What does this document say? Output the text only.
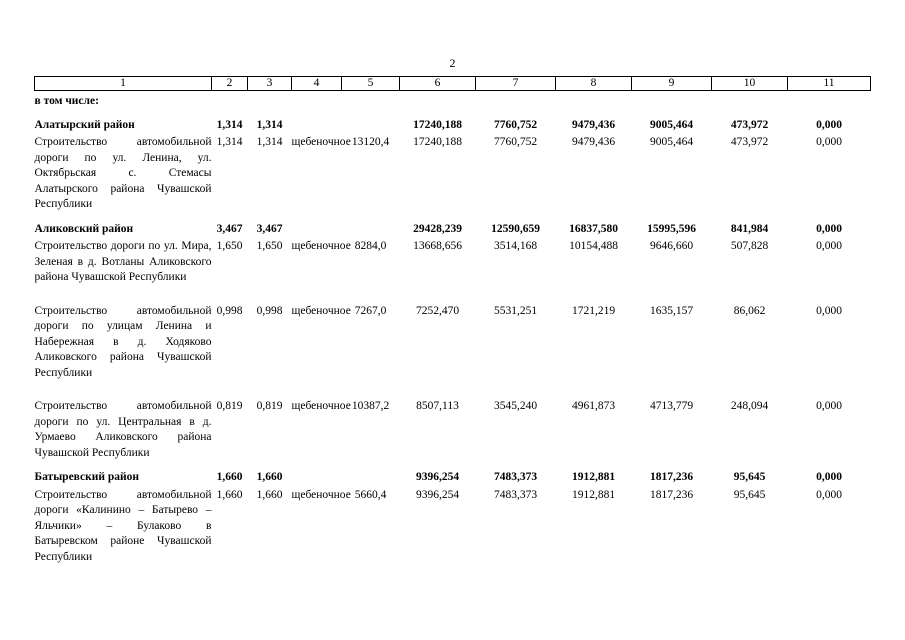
2
1	2	3	4	5	6	7	8	9	10	11
в том числе:										
Алатырский район	1,314	1,314			17240,188	7760,752	9479,436	9005,464	473,972	0,000
Строительство автомобильной дороги по ул. Ленина, ул. Октябрьская с. Стемасы Алатырского района Чувашской Республики	1,314	1,314	щебеночное	13120,4	17240,188	7760,752	9479,436	9005,464	473,972	0,000
Аликовский район	3,467	3,467			29428,239	12590,659	16837,580	15995,596	841,984	0,000
Строительство дороги по ул. Мира, Зеленая в д. Вотланы Аликовского района Чувашской Республики	1,650	1,650	щебеночное	8284,0	13668,656	3514,168	10154,488	9646,660	507,828	0,000
Строительство автомобильной дороги по улицам Ленина и Набережная в д. Ходяково Аликовского района Чувашской Республики	0,998	0,998	щебеночное	7267,0	7252,470	5531,251	1721,219	1635,157	86,062	0,000
Строительство автомобильной дороги по ул. Центральная в д. Урмаево Аликовского района Чувашской Республики	0,819	0,819	щебеночное	10387,2	8507,113	3545,240	4961,873	4713,779	248,094	0,000
Батыревский район	1,660	1,660			9396,254	7483,373	1912,881	1817,236	95,645	0,000
Строительство автомобильной дороги «Калинино – Батырево – Яльчики» – Булаково в Батыревском районе Чувашской Республики	1,660	1,660	щебеночное	5660,4	9396,254	7483,373	1912,881	1817,236	95,645	0,000
